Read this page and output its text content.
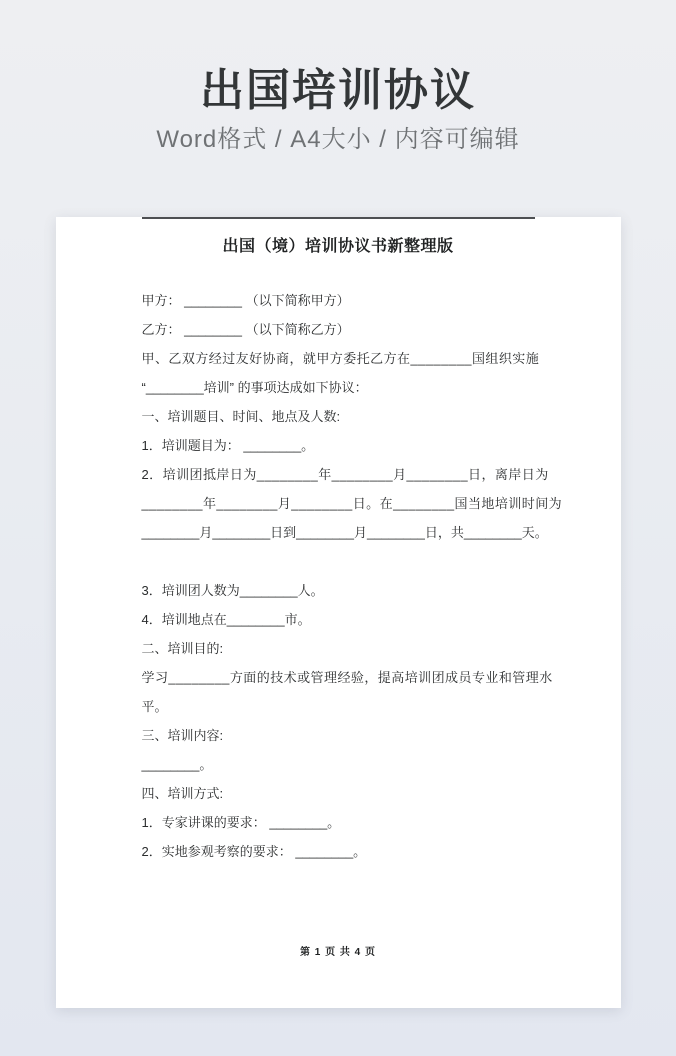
出国培训协议
Word格式 / A4大小 / 内容可编辑
出国（境）培训协议书新整理版

甲方： ________ （以下简称甲方）

乙方： ________ （以下简称乙方）

甲、乙双方经过友好协商，就甲方委托乙方在________国组织实施

“________培训” 的事项达成如下协议：

一、培训题目、时间、地点及人数:

1．培训题目为： ________。

2．培训团抵岸日为________年________月________日，离岸日为

________年________月________日。在________国当地培训时间为

________月________日到________月________日，共________天。

3．培训团人数为________人。

4．培训地点在________市。

二、培训目的:

学习________方面的技术或管理经验，提高培训团成员专业和管理水

平。

三、培训内容:

________。

四、培训方式:

1．专家讲课的要求： ________。

2．实地参观考察的要求： ________。

第 1 页 共 4 页
